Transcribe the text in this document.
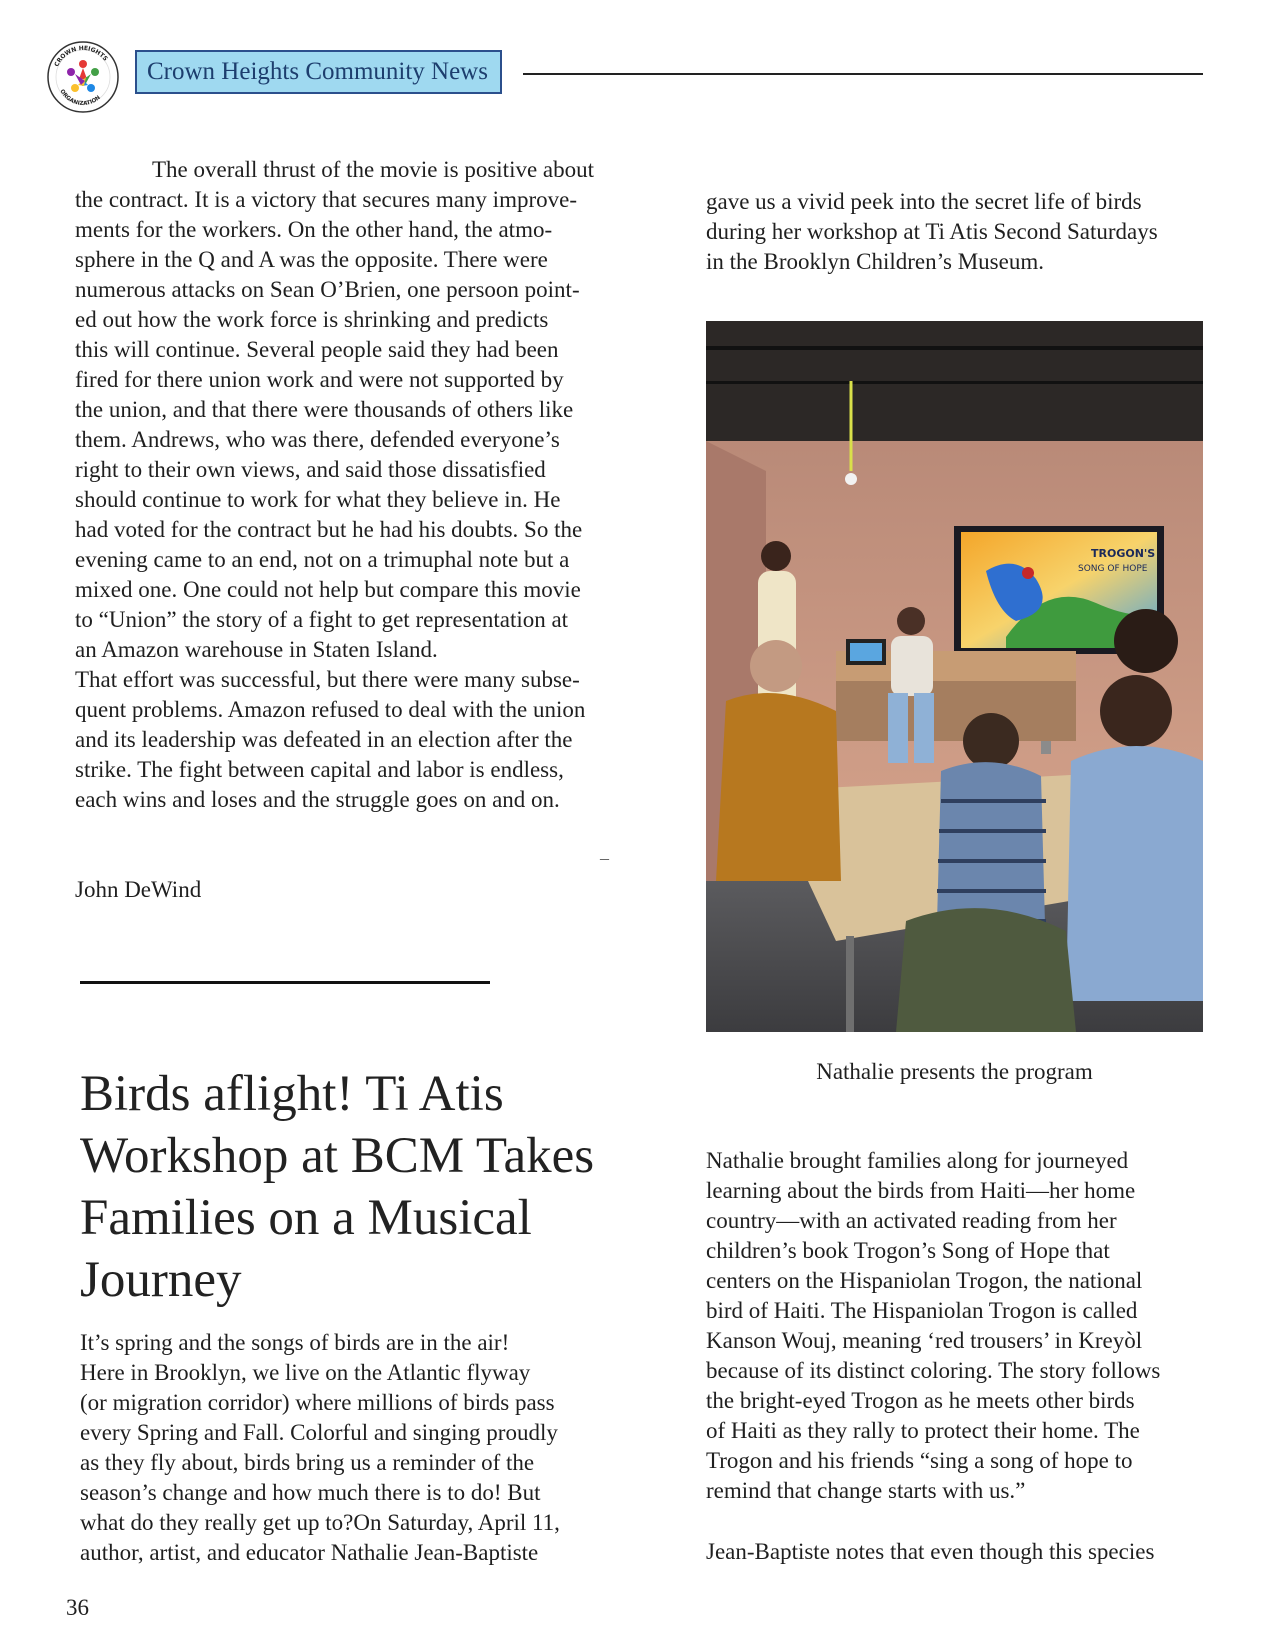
CROWN HEIGHTS
ORGANIZATION
Crown Heights Community News
The overall thrust of the movie is positive about
the contract. It is a victory that secures many improve-
ments for the workers. On the other hand, the atmo-
sphere in the Q and A was the opposite. There were
numerous attacks on Sean O’Brien, one persoon point-
ed out how the work force is shrinking and predicts
this will continue. Several people said they had been
fired for there union work and were not supported by
the union, and that there were thousands of others like
them. Andrews, who was there, defended everyone’s
right to their own views, and said those dissatisfied
should continue to work for what they believe in. He
had voted for the contract but he had his doubts. So the
evening came to an end, not on a trimuphal note but a
mixed one. One could not help but compare this movie
to “Union” the story of a fight to get representation at
an Amazon warehouse in Staten Island.
That effort was successful, but there were many subse-
quent problems. Amazon refused to deal with the union
and its leadership was defeated in an election after the
strike. The fight between capital and labor is endless,
each wins and loses and the struggle goes on and on.
–
John DeWind
Birds aflight! Ti Atis
Workshop at BCM Takes
Families on a Musical
Journey
It’s spring and the songs of birds are in the air!
Here in Brooklyn, we live on the Atlantic flyway
(or migration corridor) where millions of birds pass
every Spring and Fall. Colorful and singing proudly
as they fly about, birds bring us a reminder of the
season’s change and how much there is to do! But
what do they really get up to?On Saturday, April 11,
author, artist, and educator Nathalie Jean-Baptiste
36
gave us a vivid peek into the secret life of birds
during her workshop at Ti Atis Second Saturdays
in the Brooklyn Children’s Museum.
TROGON'S
SONG OF HOPE
Nathalie presents the program
Nathalie brought families along for journeyed
learning about the birds from Haiti—her home
country—with an activated reading from her
children’s book Trogon’s Song of Hope that
centers on the Hispaniolan Trogon, the national
bird of Haiti. The Hispaniolan Trogon is called
Kanson Wouj, meaning ‘red trousers’ in Kreyòl
because of its distinct coloring. The story follows
the bright-eyed Trogon as he meets other birds
of Haiti as they rally to protect their home. The
Trogon and his friends “sing a song of hope to
remind that change starts with us.”
Jean-Baptiste notes that even though this species
